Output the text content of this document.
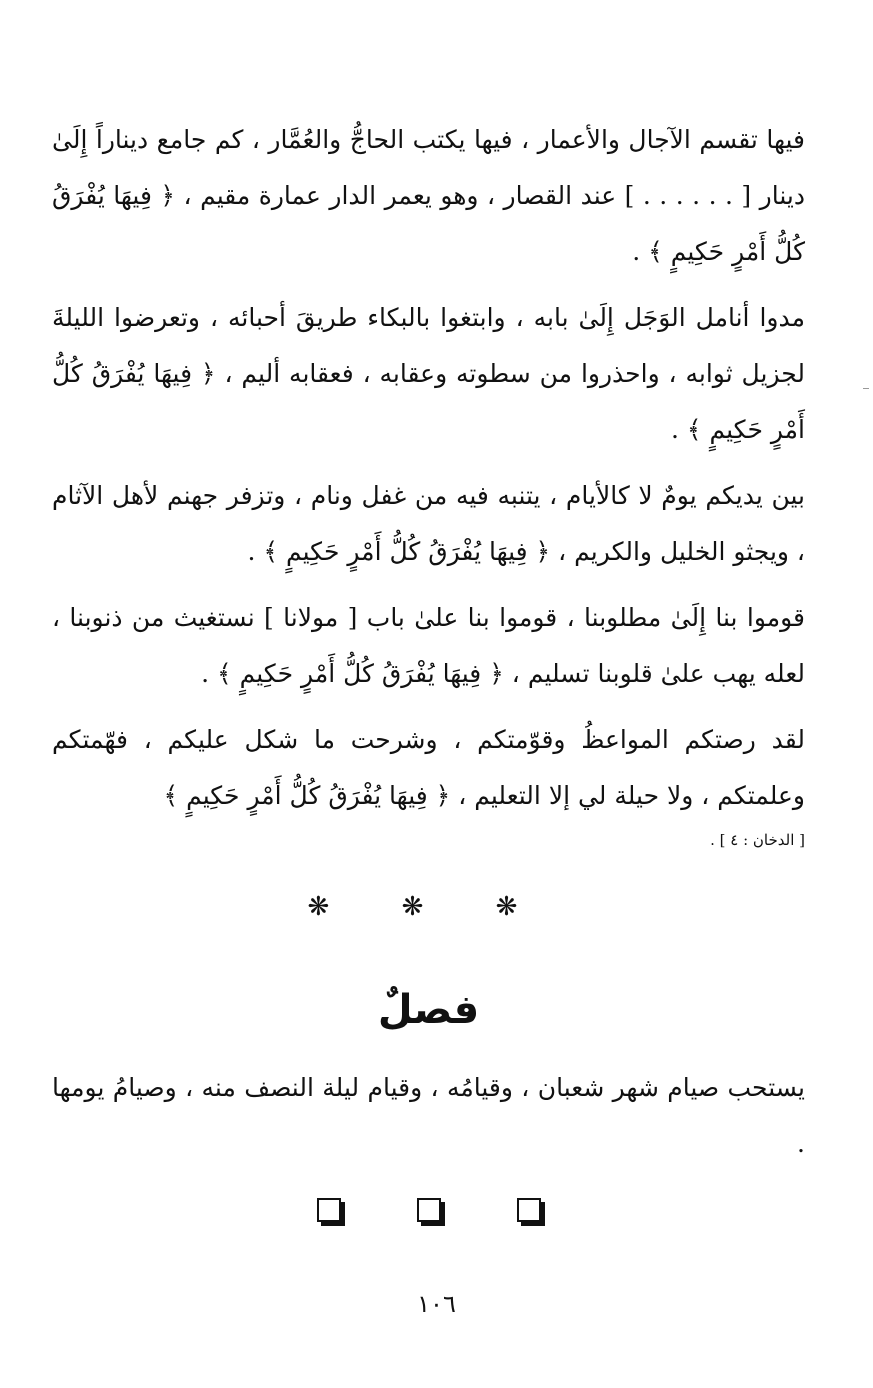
فيها تقسم الآجال والأعمار ، فيها يكتب الحاجُّ والعُمَّار ، كم جامع ديناراً إِلَىٰ دينار [ . . . . . . ] عند القصار ، وهو يعمر الدار عمارة مقيم ، ﴿ فِيهَا يُفْرَقُ كُلُّ أَمْرٍ حَكِيمٍ ﴾ .

مدوا أنامل الوَجَل إِلَىٰ بابه ، وابتغوا بالبكاء طريقَ أحبائه ، وتعرضوا الليلةَ لجزيل ثوابه ، واحذروا من سطوته وعقابه ، فعقابه أليم ، ﴿ فِيهَا يُفْرَقُ كُلُّ أَمْرٍ حَكِيمٍ ﴾ .

بين يديكم يومٌ لا كالأيام ، يتنبه فيه من غفل ونام ، وتزفر جهنم لأهل الآثام ، ويجثو الخليل والكريم ، ﴿ فِيهَا يُفْرَقُ كُلُّ أَمْرٍ حَكِيمٍ ﴾ .

قوموا بنا إِلَىٰ مطلوبنا ، قوموا بنا علىٰ باب [ مولانا ] نستغيث من ذنوبنا ، لعله يهب علىٰ قلوبنا تسليم ، ﴿ فِيهَا يُفْرَقُ كُلُّ أَمْرٍ حَكِيمٍ ﴾ .

لقد رصتكم المواعظُ وقوّمتكم ، وشرحت ما شكل عليكم ، فهّمتكم وعلمتكم ، ولا حيلة لي إلا التعليم ، ﴿ فِيهَا يُفْرَقُ كُلُّ أَمْرٍ حَكِيمٍ ﴾

[ الدخان : ٤ ] .

❋ ❋ ❋
فصلٌ

يستحب صيام شهر شعبان ، وقيامُه ، وقيام ليلة النصف منه ، وصيامُ يومها .

١٠٦
